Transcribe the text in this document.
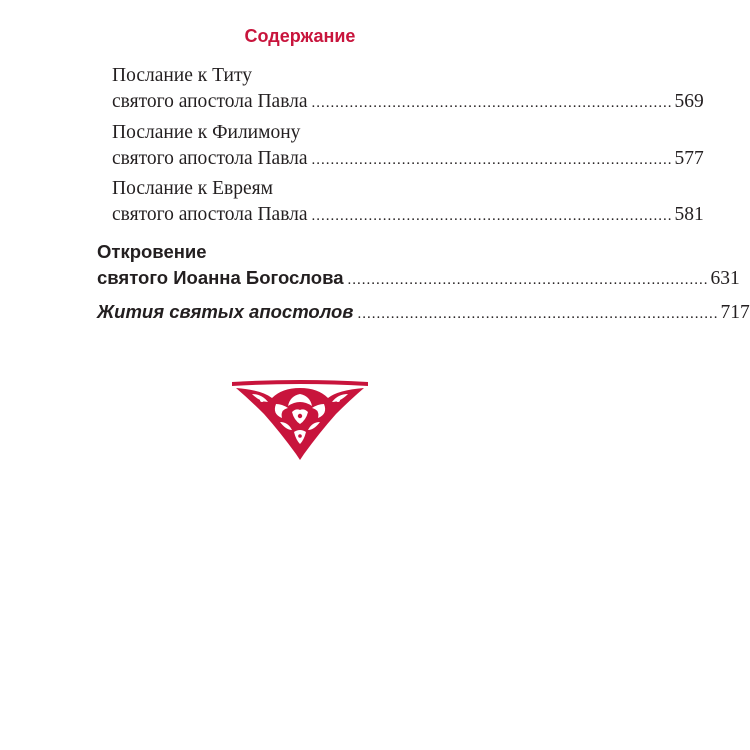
Содержание
Послание к Титу
святого апостола Павла ............................................................................ 569
Послание к Филимону
святого апостола Павла ............................................................................ 577
Послание к Евреям
святого апостола Павла ............................................................................ 581
Откровение
святого Иоанна Богослова ............................................................................ 631
Жития святых апостолов ............................................................................ 717
